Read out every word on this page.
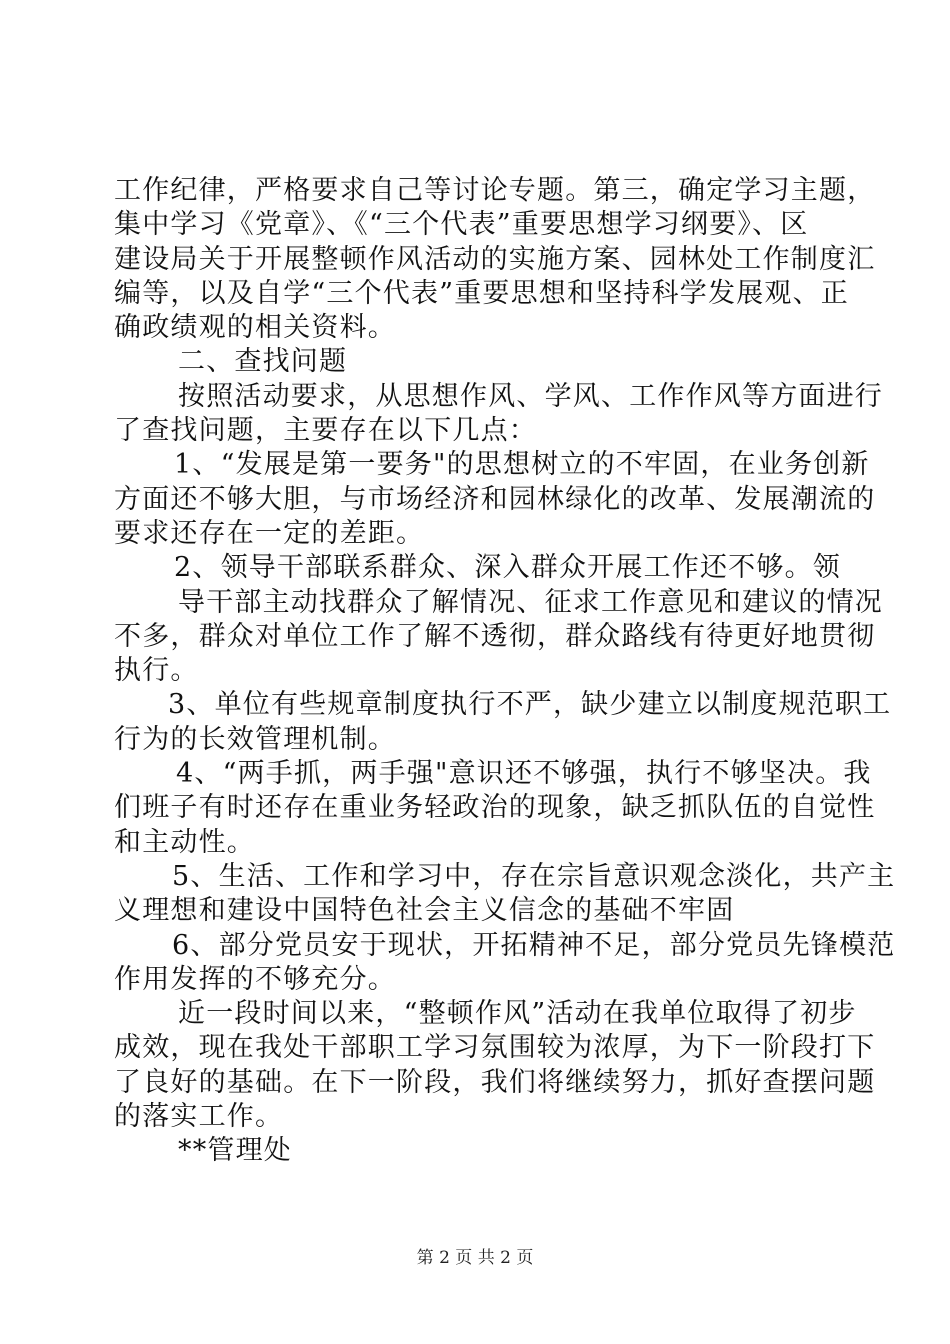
工作纪律，严格要求自己等讨论专题。第三，确定学习主题，
集中学习《党章》、《“三个代表”重要思想学习纲要》、区
建设局关于开展整顿作风活动的实施方案、园林处工作制度汇
编等，以及自学“三个代表”重要思想和坚持科学发展观、正
确政绩观的相关资料。
二、查找问题
按照活动要求，从思想作风、学风、工作作风等方面进行
了查找问题，主要存在以下几点：
1、“发展是第一要务"的思想树立的不牢固，在业务创新
方面还不够大胆，与市场经济和园林绿化的改革、发展潮流的
要求还存在一定的差距。
2、领导干部联系群众、深入群众开展工作还不够。领
导干部主动找群众了解情况、征求工作意见和建议的情况
不多，群众对单位工作了解不透彻，群众路线有待更好地贯彻
执行。
3、单位有些规章制度执行不严，缺少建立以制度规范职工
行为的长效管理机制。
4、“两手抓，两手强"意识还不够强，执行不够坚决。我
们班子有时还存在重业务轻政治的现象，缺乏抓队伍的自觉性
和主动性。
5、生活、工作和学习中，存在宗旨意识观念淡化，共产主
义理想和建设中国特色社会主义信念的基础不牢固
6、部分党员安于现状，开拓精神不足，部分党员先锋模范
作用发挥的不够充分。
近一段时间以来，“整顿作风”活动在我单位取得了初步
成效，现在我处干部职工学习氛围较为浓厚，为下一阶段打下
了良好的基础。在下一阶段，我们将继续努力，抓好查摆问题
的落实工作。
**管理处
第 2 页 共 2 页
